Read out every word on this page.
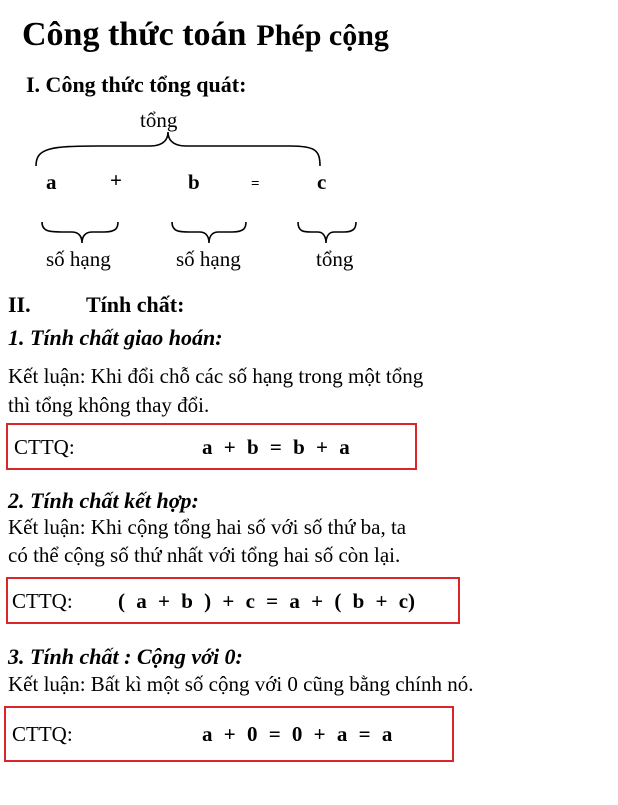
Công thức toán Phép cộng
I. Công thức tổng quát:
tổng
a	+	b	=	c
số hạng	số hạng	tổng
II.	Tính chất:
1. Tính chất giao hoán:
Kết luận: Khi đổi chỗ các số hạng trong một tổng
thì tổng không thay đổi.
CTTQ:	a + b = b + a
2. Tính chất kết hợp:
Kết luận: Khi cộng tổng hai số với số thứ ba, ta
có thể cộng số thứ nhất với tổng hai số còn lại.
CTTQ: ( a + b ) + c = a + ( b + c)
3. Tính chất : Cộng với 0:
Kết luận: Bất kì một số cộng với 0 cũng bằng chính nó.
CTTQ:	a + 0 = 0 + a = a
